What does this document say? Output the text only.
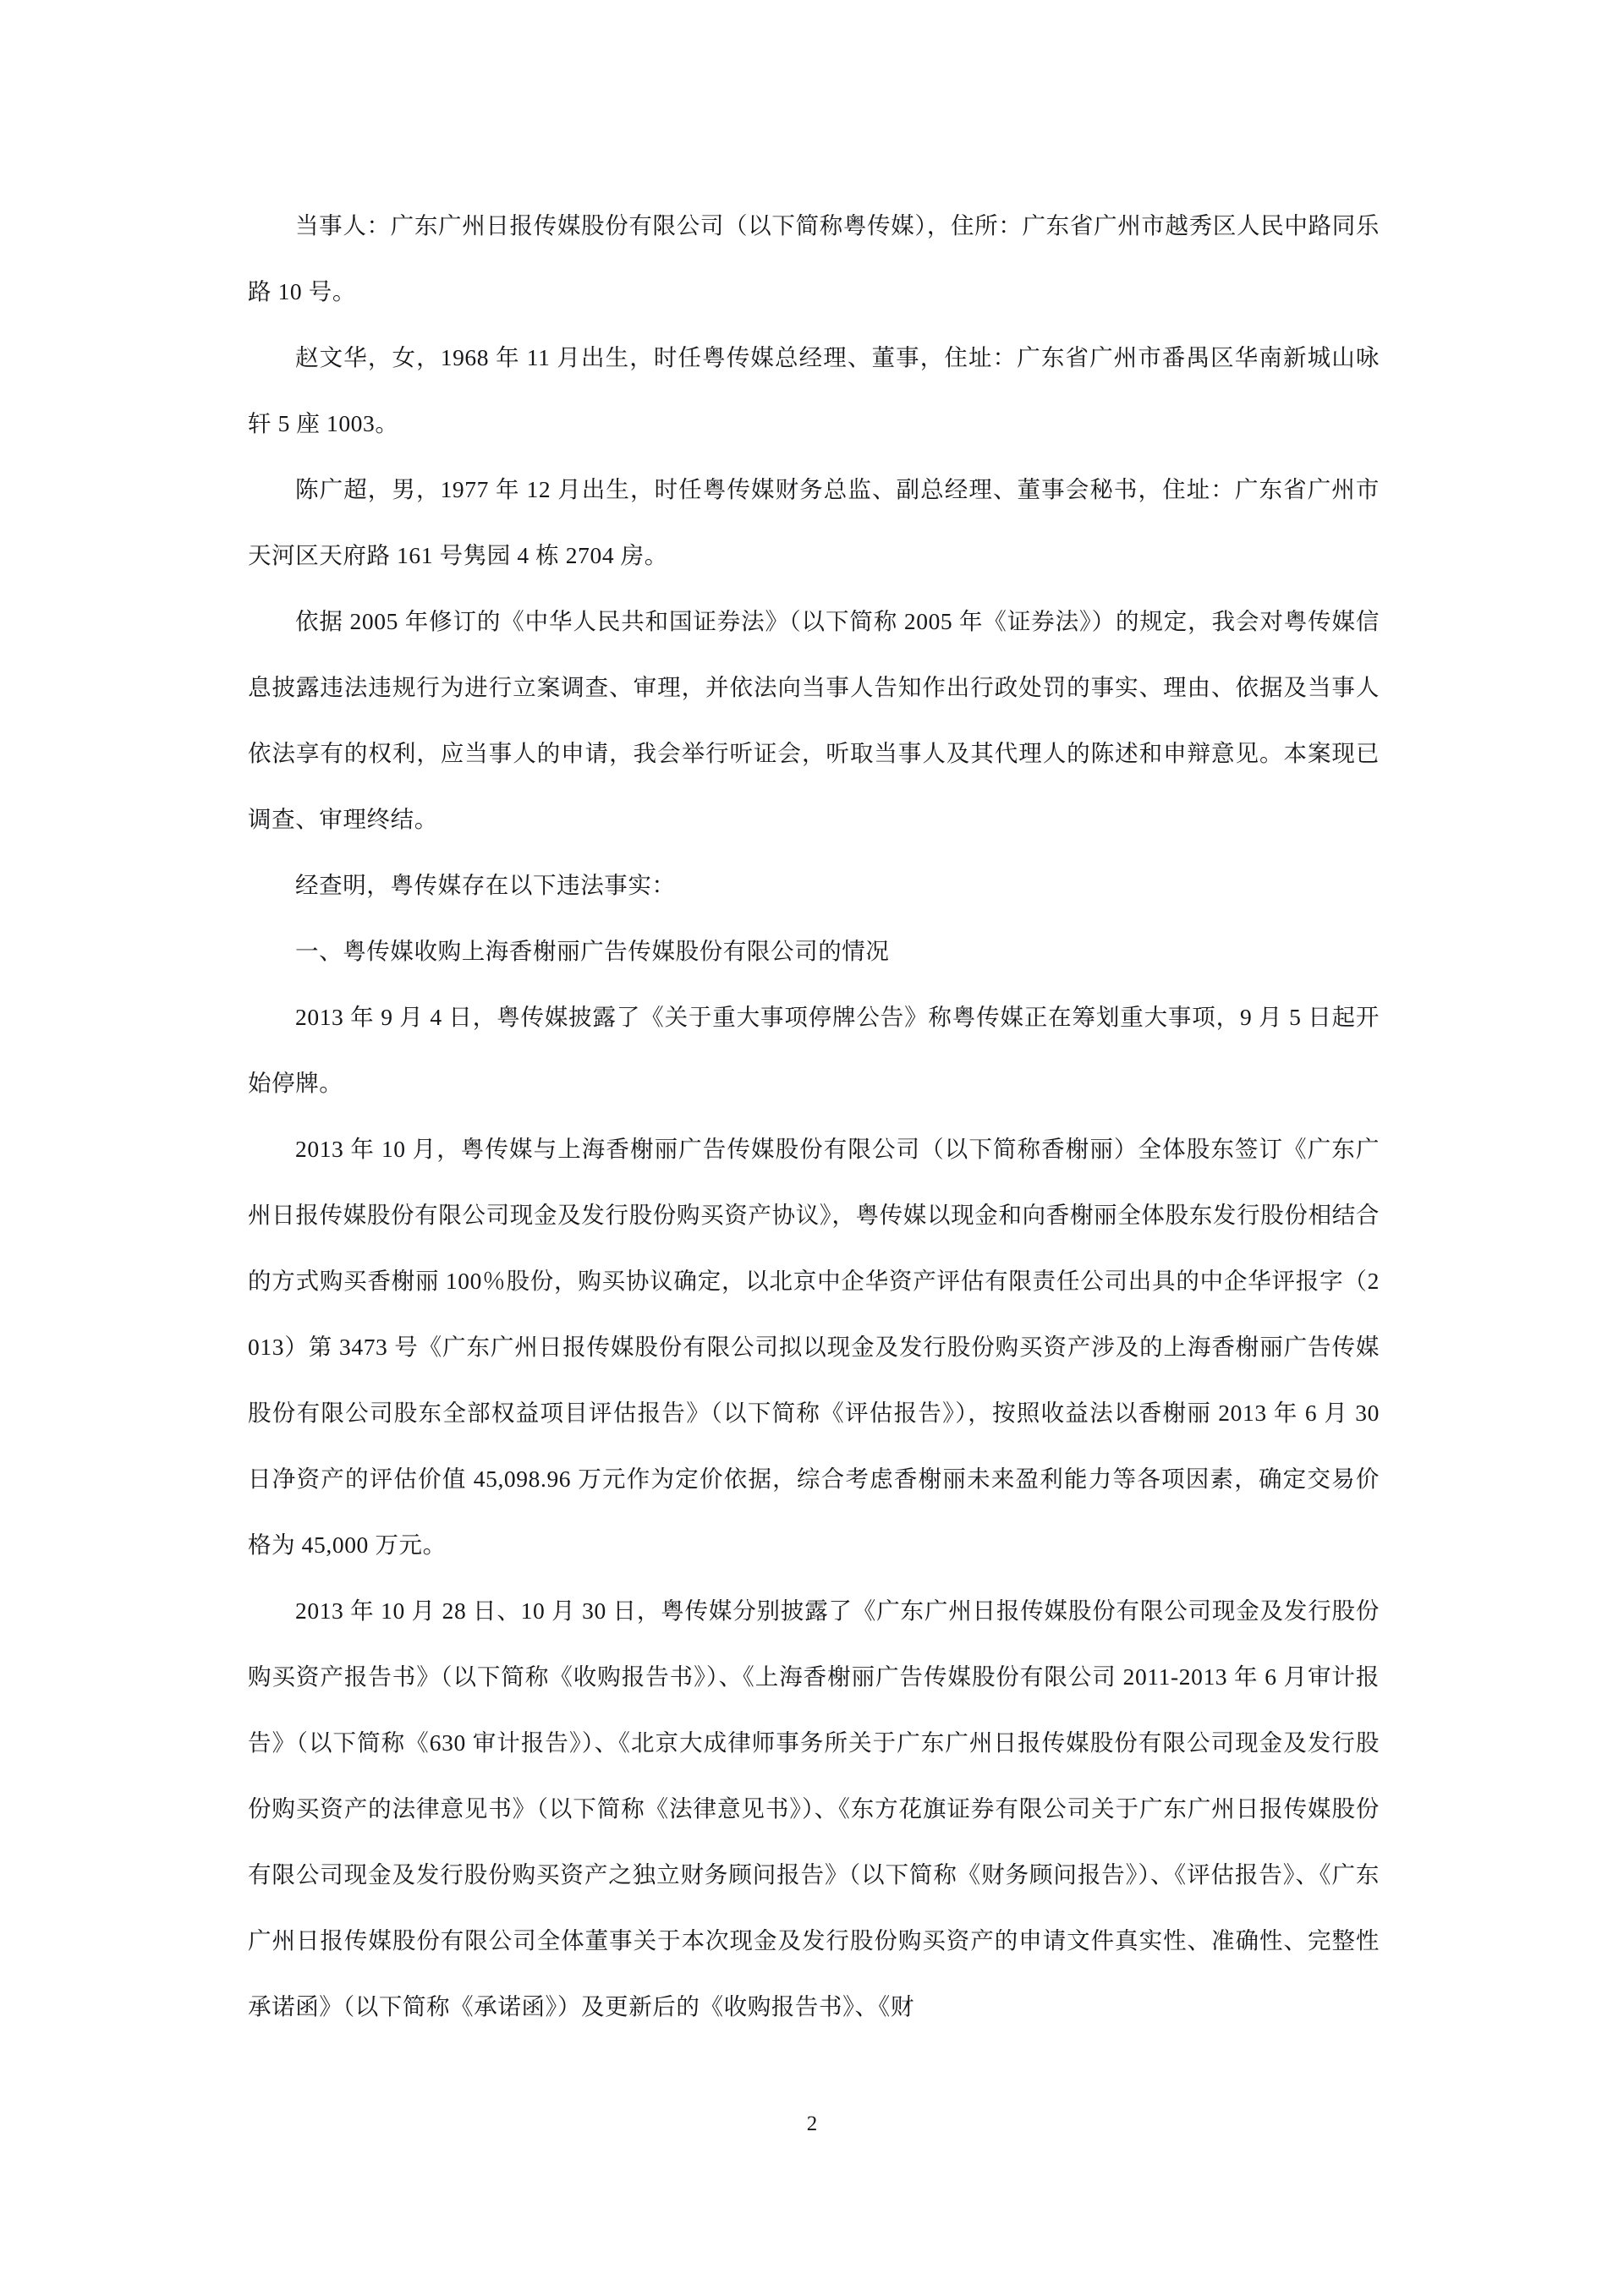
当事人：广东广州日报传媒股份有限公司（以下简称粤传媒），住所：广东省广州市越秀区人民中路同乐路 10 号。

赵文华，女，1968 年 11 月出生，时任粤传媒总经理、董事，住址：广东省广州市番禺区华南新城山咏轩 5 座 1003。

陈广超，男，1977 年 12 月出生，时任粤传媒财务总监、副总经理、董事会秘书，住址：广东省广州市天河区天府路 161 号隽园 4 栋 2704 房。

依据 2005 年修订的《中华人民共和国证券法》（以下简称 2005 年《证券法》）的规定，我会对粤传媒信息披露违法违规行为进行立案调查、审理，并依法向当事人告知作出行政处罚的事实、理由、依据及当事人依法享有的权利，应当事人的申请，我会举行听证会，听取当事人及其代理人的陈述和申辩意见。本案现已调查、审理终结。

经查明，粤传媒存在以下违法事实：

一、粤传媒收购上海香榭丽广告传媒股份有限公司的情况

2013 年 9 月 4 日，粤传媒披露了《关于重大事项停牌公告》称粤传媒正在筹划重大事项，9 月 5 日起开始停牌。

2013 年 10 月，粤传媒与上海香榭丽广告传媒股份有限公司（以下简称香榭丽）全体股东签订《广东广州日报传媒股份有限公司现金及发行股份购买资产协议》，粤传媒以现金和向香榭丽全体股东发行股份相结合的方式购买香榭丽 100％股份，购买协议确定，以北京中企华资产评估有限责任公司出具的中企华评报字（2013）第 3473 号《广东广州日报传媒股份有限公司拟以现金及发行股份购买资产涉及的上海香榭丽广告传媒股份有限公司股东全部权益项目评估报告》（以下简称《评估报告》），按照收益法以香榭丽 2013 年 6 月 30 日净资产的评估价值 45,098.96 万元作为定价依据，综合考虑香榭丽未来盈利能力等各项因素，确定交易价格为 45,000 万元。

2013 年 10 月 28 日、10 月 30 日，粤传媒分别披露了《广东广州日报传媒股份有限公司现金及发行股份购买资产报告书》（以下简称《收购报告书》）、《上海香榭丽广告传媒股份有限公司 2011-2013 年 6 月审计报告》（以下简称《630 审计报告》）、《北京大成律师事务所关于广东广州日报传媒股份有限公司现金及发行股份购买资产的法律意见书》（以下简称《法律意见书》）、《东方花旗证券有限公司关于广东广州日报传媒股份有限公司现金及发行股份购买资产之独立财务顾问报告》（以下简称《财务顾问报告》）、《评估报告》、《广东广州日报传媒股份有限公司全体董事关于本次现金及发行股份购买资产的申请文件真实性、准确性、完整性承诺函》（以下简称《承诺函》）及更新后的《收购报告书》、《财

2
